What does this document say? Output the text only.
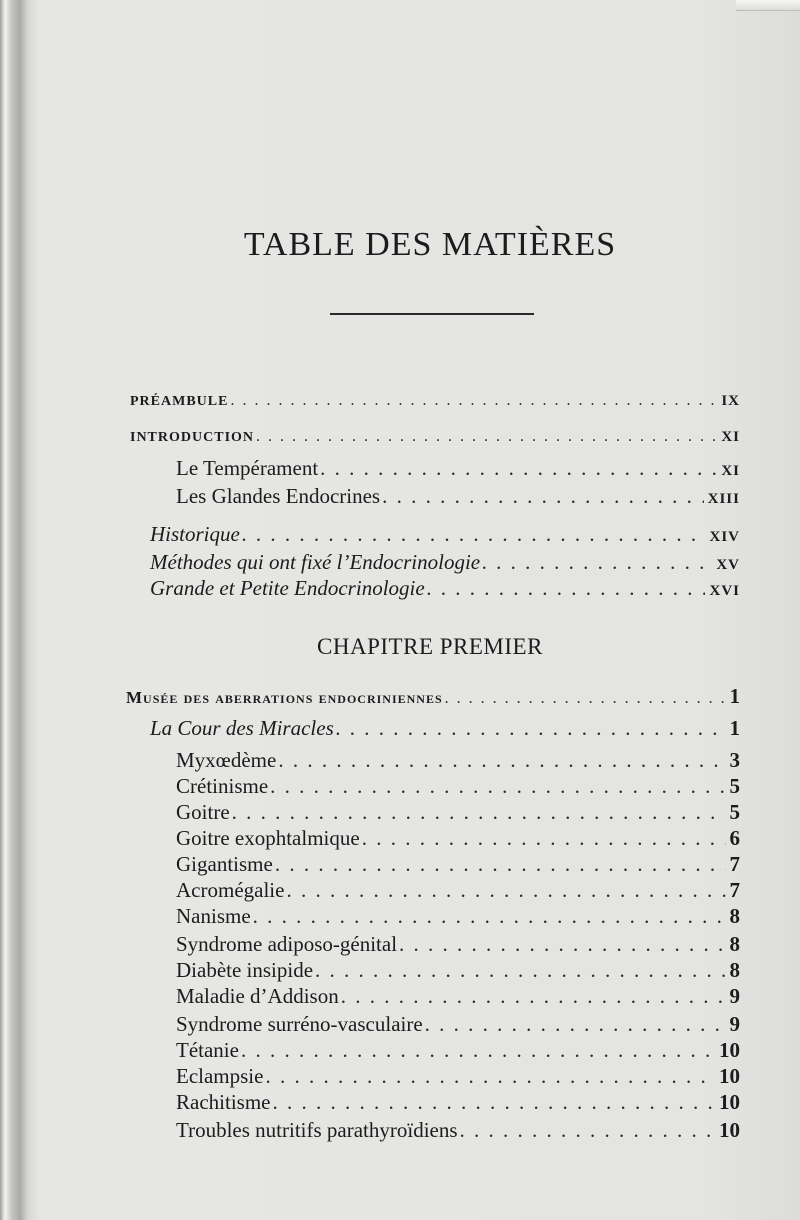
TABLE DES MATIÈRES
PRÉAMBULE . . .	IX
INTRODUCTION . . .	XI
Le Tempérament . . .	XI
Les Glandes Endocrines . . .	XIII
Historique . . .	XIV
Méthodes qui ont fixé l’Endocrinologie . . .	XV
Grande et Petite Endocrinologie . . .	XVI
CHAPITRE PREMIER
Musée des aberrations endocriniennes . . .	1
La Cour des Miracles . . .	1
Myxœdème . . .	3
Crétinisme . . .	5
Goitre . . .	5
Goitre exophtalmique . . .	6
Gigantisme . . .	7
Acromégalie . . .	7
Nanisme . . .	8
Syndrome adiposo-génital . . .	8
Diabète insipide . . .	8
Maladie d’Addison . . .	9
Syndrome surréno-vasculaire . . .	9
Tétanie . . .	10
Eclampsie . . .	10
Rachitisme . . .	10
Troubles nutritifs parathyroïdiens . . .	10
